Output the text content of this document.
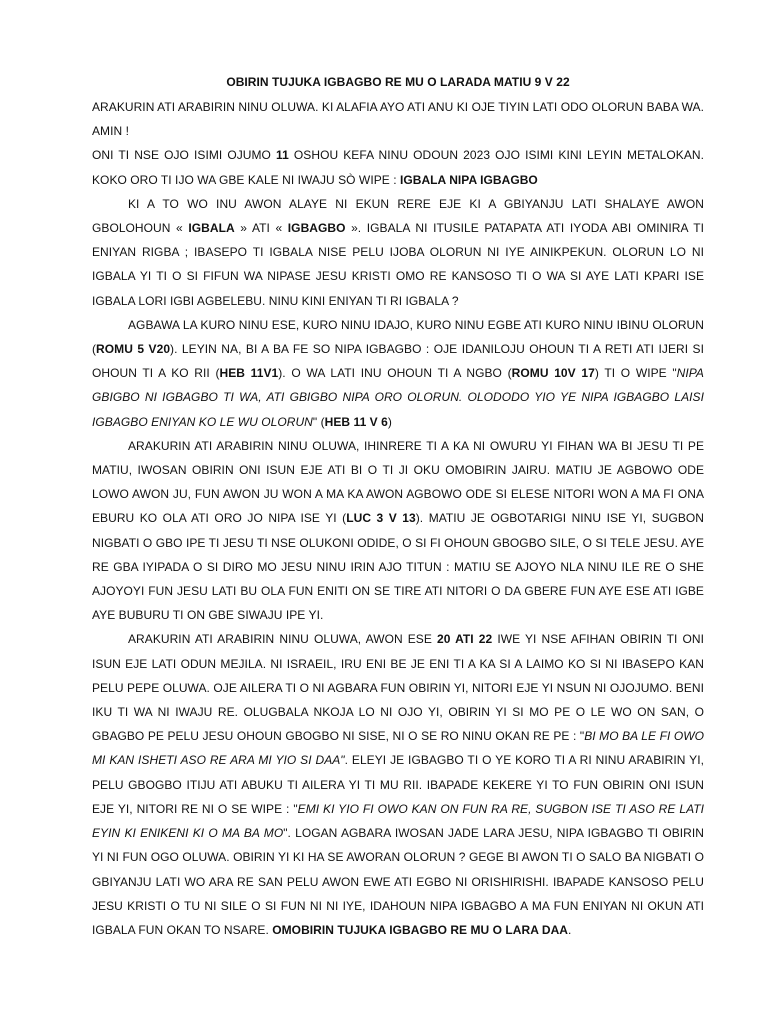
OBIRIN TUJUKA IGBAGBO RE MU O LARADA MATIU 9 V 22

ARAKURIN ATI ARABIRIN NINU OLUWA. KI ALAFIA AYO ATI ANU KI OJE TIYIN LATI ODO OLORUN BABA WA. AMIN !

ONI TI NSE OJO ISIMI OJUMO 11 OSHOU KEFA NINU ODOUN 2023 OJO ISIMI KINI LEYIN METALOKAN. KOKO ORO TI IJO WA GBE KALE NI IWAJU SÒ WIPE : IGBALA NIPA IGBAGBO

KI A TO WO INU AWON ALAYE NI EKUN RERE EJE KI A GBIYANJU LATI SHALAYE AWON GBOLOHOUN « IGBALA » ATI « IGBAGBO ». IGBALA NI ITUSILE PATAPATA ATI IYODA ABI OMINIRA TI ENIYAN RIGBA ; IBASEPO TI IGBALA NISE PELU IJOBA OLORUN NI IYE AINIKPEKUN. OLORUN LO NI IGBALA YI TI O SI FIFUN WA NIPASE JESU KRISTI OMO RE KANSOSO TI O WA SI AYE LATI KPARI ISE IGBALA LORI IGBI AGBELEBU. NINU KINI ENIYAN TI RI IGBALA ?

AGBAWA LA KURO NINU ESE, KURO NINU IDAJO, KURO NINU EGBE ATI KURO NINU IBINU OLORUN (ROMU 5 V20). LEYIN NA, BI A BA FE SO NIPA IGBAGBO : OJE IDANILOJU OHOUN TI A RETI ATI IJERI SI OHOUN TI A KO RII (HEB 11V1). O WA LATI INU OHOUN TI A NGBO (ROMU 10V 17) TI O WIPE "NIPA GBIGBO NI IGBAGBO TI WA, ATI GBIGBO NIPA ORO OLORUN. OLODODO YIO YE NIPA IGBAGBO LAISI IGBAGBO ENIYAN KO LE WU OLORUN" (HEB 11 V 6)

ARAKURIN ATI ARABIRIN NINU OLUWA, IHINRERE TI A KA NI OWURU YI FIHAN WA BI JESU TI PE MATIU, IWOSAN OBIRIN ONI ISUN EJE ATI BI O TI JI OKU OMOBIRIN JAIRU. MATIU JE AGBOWO ODE LOWO AWON JU, FUN AWON JU WON A MA KA AWON AGBOWO ODE SI ELESE NITORI WON A MA FI ONA EBURU KO OLA ATI ORO JO NIPA ISE YI (LUC 3 V 13). MATIU JE OGBOTARIGI NINU ISE YI, SUGBON NIGBATI O GBO IPE TI JESU TI NSE OLUKONI ODIDE, O SI FI OHOUN GBOGBO SILE, O SI TELE JESU. AYE RE GBA IYIPADA O SI DIRO MO JESU NINU IRIN AJO TITUN : MATIU SE AJOYO NLA NINU ILE RE O SHE AJOYOYI FUN JESU LATI BU OLA FUN ENITI ON SE TIRE ATI NITORI O DA GBERE FUN AYE ESE ATI IGBE AYE BUBURU TI ON GBE SIWAJU IPE YI.

ARAKURIN ATI ARABIRIN NINU OLUWA, AWON ESE 20 ATI 22 IWE YI NSE AFIHAN OBIRIN TI ONI ISUN EJE LATI ODUN MEJILA. NI ISRAEIL, IRU ENI BE JE ENI TI A KA SI A LAIMO KO SI NI IBASEPO KAN PELU PEPE OLUWA. OJE AILERA TI O NI AGBARA FUN OBIRIN YI, NITORI EJE YI NSUN NI OJOJUMO. BENI IKU TI WA NI IWAJU RE. OLUGBALA NKOJA LO NI OJO YI, OBIRIN YI SI MO PE O LE WO ON SAN, O GBAGBO PE PELU JESU OHOUN GBOGBO NI SISE, NI O SE RO NINU OKAN RE PE : "BI MO BA LE FI OWO MI KAN ISHETI ASO RE ARA MI YIO SI DAA". ELEYI JE IGBAGBO TI O YE KORO TI A RI NINU ARABIRIN YI, PELU GBOGBO ITIJU ATI ABUKU TI AILERA YI TI MU RII. IBAPADE KEKERE YI TO FUN OBIRIN ONI ISUN EJE YI, NITORI RE NI O SE WIPE : "EMI KI YIO FI OWO KAN ON FUN RA RE, SUGBON ISE TI ASO RE LATI EYIN KI ENIKENI KI O MA BA MO". LOGAN AGBARA IWOSAN JADE LARA JESU, NIPA IGBAGBO TI OBIRIN YI NI FUN OGO OLUWA. OBIRIN YI KI HA SE AWORAN OLORUN ? GEGE BI AWON TI O SALO BA NIGBATI O GBIYANJU LATI WO ARA RE SAN PELU AWON EWE ATI EGBO NI ORISHIRISHI. IBAPADE KANSOSO PELU JESU KRISTI O TU NI SILE O SI FUN NI NI IYE, IDAHOUN NIPA IGBAGBO A MA FUN ENIYAN NI OKUN ATI IGBALA FUN OKAN TO NSARE. OMOBIRIN TUJUKA IGBAGBO RE MU O LARA DAA.
